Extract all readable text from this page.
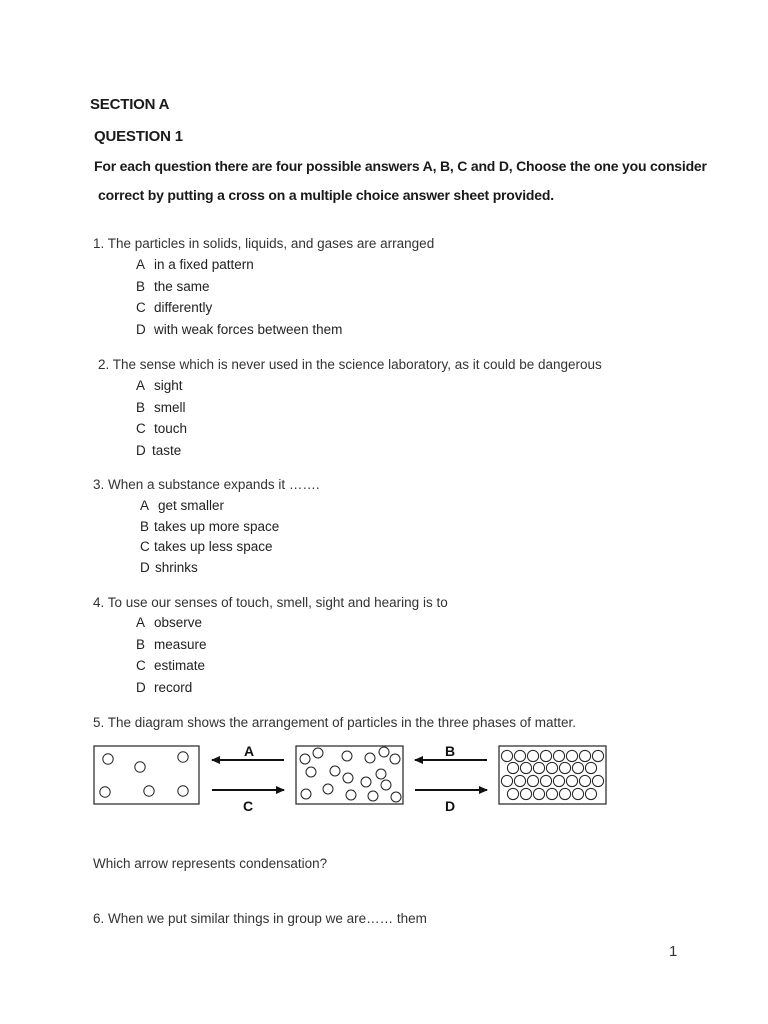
SECTION A
QUESTION 1
For each question there are four possible answers A, B, C and D, Choose the one you consider
correct by putting a cross on a multiple choice answer sheet provided.
1. The particles in solids, liquids, and gases are arranged
A in a fixed pattern
B the same
C differently
D with weak forces between them
2. The sense which is never used in the science laboratory, as it could be dangerous
A sight
B smell
C touch
D taste
3. When a substance expands it …….
A get smaller
B takes up more space
C takes up less space
D shrinks
4. To use our senses of touch, smell, sight and hearing is to
A observe
B measure
C estimate
D record
5. The diagram shows the arrangement of particles in the three phases of matter.
A
C
B
D
Which arrow represents condensation?
6. When we put similar things in group we are…… them
1
